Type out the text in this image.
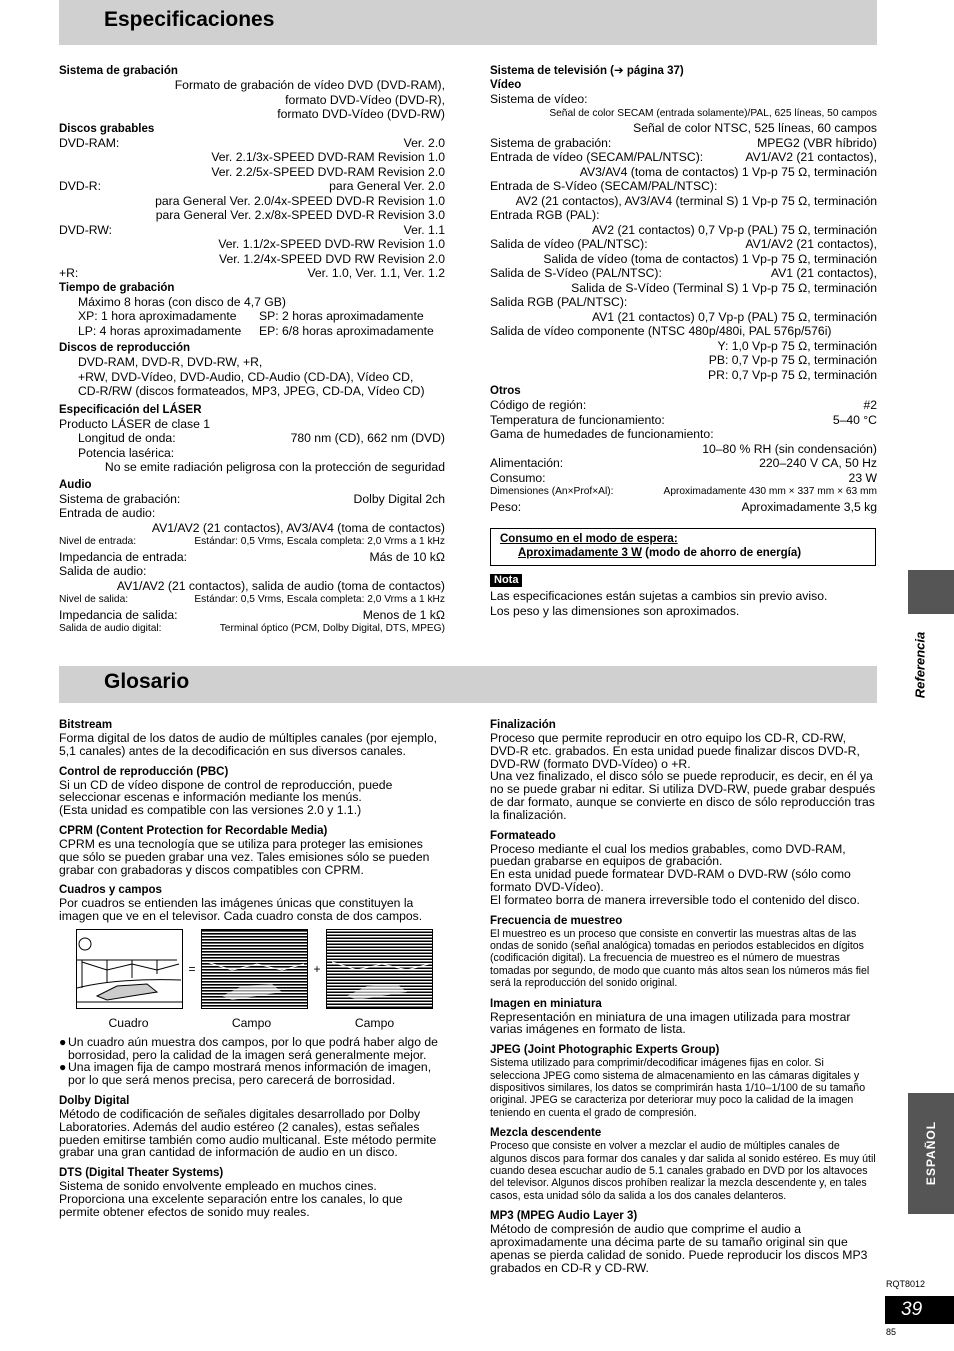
Especificaciones
Sistema de grabación
Formato de grabación de vídeo DVD (DVD-RAM),
formato DVD-Vídeo (DVD-R),
formato DVD-Vídeo (DVD-RW)
Discos grabables
DVD-RAM:	Ver. 2.0
Ver. 2.1/3x-SPEED DVD-RAM Revision 1.0
Ver. 2.2/5x-SPEED DVD-RAM Revision 2.0
DVD-R:	para General Ver. 2.0
para General Ver. 2.0/4x-SPEED DVD-R Revision 1.0
para General Ver. 2.x/8x-SPEED DVD-R Revision 3.0
DVD-RW:	Ver. 1.1
Ver. 1.1/2x-SPEED DVD-RW Revision 1.0
Ver. 1.2/4x-SPEED DVD RW Revision 2.0
+R:	Ver. 1.0, Ver. 1.1, Ver. 1.2
Tiempo de grabación
Máximo 8 horas (con disco de 4,7 GB)
XP: 1 hora aproximadamente	SP: 2 horas aproximadamente
LP: 4 horas aproximadamente	EP: 6/8 horas aproximadamente
Discos de reproducción
DVD-RAM, DVD-R, DVD-RW, +R,
+RW, DVD-Vídeo, DVD-Audio, CD-Audio (CD-DA), Vídeo CD,
CD-R/RW (discos formateados, MP3, JPEG, CD-DA, Vídeo CD)
Especificación del LÁSER
Producto LÁSER de clase 1
Longitud de onda:	780 nm (CD), 662 nm (DVD)
Potencia lasérica:
No se emite radiación peligrosa con la protección de seguridad
Audio
Sistema de grabación:	Dolby Digital 2ch
Entrada de audio:
AV1/AV2 (21 contactos), AV3/AV4 (toma de contactos)
Nivel de entrada:	Estándar: 0,5 Vrms, Escala completa: 2,0 Vrms a 1 kHz
Impedancia de entrada:	Más de 10 kΩ
Salida de audio:
AV1/AV2 (21 contactos), salida de audio (toma de contactos)
Nivel de salida:	Estándar: 0,5 Vrms, Escala completa: 2,0 Vrms a 1 kHz
Impedancia de salida:	Menos de 1 kΩ
Salida de audio digital:	Terminal óptico (PCM, Dolby Digital, DTS, MPEG)
Sistema de televisión (➔ página 37)
Vídeo
Sistema de vídeo:
Señal de color SECAM (entrada solamente)/PAL, 625 líneas, 50 campos
Señal de color NTSC, 525 líneas, 60 campos
Sistema de grabación:	MPEG2 (VBR híbrido)
Entrada de vídeo (SECAM/PAL/NTSC):	AV1/AV2 (21 contactos),
AV3/AV4 (toma de contactos) 1 Vp-p 75 Ω, terminación
Entrada de S-Vídeo (SECAM/PAL/NTSC):
AV2 (21 contactos), AV3/AV4 (terminal S) 1 Vp-p 75 Ω, terminación
Entrada RGB (PAL):
AV2 (21 contactos) 0,7 Vp-p (PAL) 75 Ω, terminación
Salida de vídeo (PAL/NTSC):	AV1/AV2 (21 contactos),
Salida de vídeo (toma de contactos) 1 Vp-p 75 Ω, terminación
Salida de S-Vídeo (PAL/NTSC):	AV1 (21 contactos),
Salida de S-Vídeo (Terminal S) 1 Vp-p 75 Ω, terminación
Salida RGB (PAL/NTSC):
AV1 (21 contactos) 0,7 Vp-p (PAL) 75 Ω, terminación
Salida de vídeo componente (NTSC 480p/480i, PAL 576p/576i)
Y: 1,0 Vp-p 75 Ω, terminación
PB: 0,7 Vp-p 75 Ω, terminación
PR: 0,7 Vp-p 75 Ω, terminación
Otros
Código de región:	#2
Temperatura de funcionamiento:	5–40 °C
Gama de humedades de funcionamiento:
10–80 % RH (sin condensación)
Alimentación:	220–240 V CA, 50 Hz
Consumo:	23 W
Dimensiones (An×Prof×Al):	Aproximadamente 430 mm × 337 mm × 63 mm
Peso:	Aproximadamente 3,5 kg
Consumo en el modo de espera:
Aproximadamente 3 W (modo de ahorro de energía)
Nota
Las especificaciones están sujetas a cambios sin previo aviso.
Los peso y las dimensiones son aproximados.
Glosario
Bitstream

Forma digital de los datos de audio de múltiples canales (por ejemplo, 5,1 canales) antes de la decodificación en sus diversos canales.

Control de reproducción (PBC)

Si un CD de vídeo dispone de control de reproducción, puede seleccionar escenas e información mediante los menús.

(Esta unidad es compatible con las versiones 2.0 y 1.1.)

CPRM (Content Protection for Recordable Media)

CPRM es una tecnología que se utiliza para proteger las emisiones que sólo se pueden grabar una vez. Tales emisiones sólo se pueden grabar con grabadoras y discos compatibles con CPRM.

Cuadros y campos

Por cuadros se entienden las imágenes únicas que constituyen la imagen que ve en el televisor. Cada cuadro consta de dos campos.

=	+
Cuadro	Campo	Campo
● Un cuadro aún muestra dos campos, por lo que podrá haber algo de borrosidad, pero la calidad de la imagen será generalmente mejor.
● Una imagen fija de campo mostrará menos información de imagen, por lo que será menos precisa, pero carecerá de borrosidad.
Dolby Digital

Método de codificación de señales digitales desarrollado por Dolby Laboratories. Además del audio estéreo (2 canales), estas señales pueden emitirse también como audio multicanal. Este método permite grabar una gran cantidad de información de audio en un disco.

DTS (Digital Theater Systems)

Sistema de sonido envolvente empleado en muchos cines. Proporciona una excelente separación entre los canales, lo que permite obtener efectos de sonido muy reales.

Finalización

Proceso que permite reproducir en otro equipo los CD-R, CD-RW, DVD-R etc. grabados. En esta unidad puede finalizar discos DVD-R, DVD-RW (formato DVD-Vídeo) o +R.

Una vez finalizado, el disco sólo se puede reproducir, es decir, en él ya no se puede grabar ni editar. Si utiliza DVD-RW, puede grabar después de dar formato, aunque se convierte en disco de sólo reproducción tras la finalización.

Formateado

Proceso mediante el cual los medios grabables, como DVD-RAM, puedan grabarse en equipos de grabación.

En esta unidad puede formatear DVD-RAM o DVD-RW (sólo como formato DVD-Vídeo).

El formateo borra de manera irreversible todo el contenido del disco.

Frecuencia de muestreo

El muestreo es un proceso que consiste en convertir las muestras altas de las ondas de sonido (señal analógica) tomadas en periodos establecidos en dígitos (codificación digital). La frecuencia de muestreo es el número de muestras tomadas por segundo, de modo que cuanto más altos sean los números más fiel será la reproducción del sonido original.

Imagen en miniatura

Representación en miniatura de una imagen utilizada para mostrar varias imágenes en formato de lista.

JPEG (Joint Photographic Experts Group)

Sistema utilizado para comprimir/decodificar imágenes fijas en color. Si selecciona JPEG como sistema de almacenamiento en las cámaras digitales y dispositivos similares, los datos se comprimirán hasta 1/10–1/100 de su tamaño original. JPEG se caracteriza por deteriorar muy poco la calidad de la imagen teniendo en cuenta el grado de compresión.

Mezcla descendente

Proceso que consiste en volver a mezclar el audio de múltiples canales de algunos discos para formar dos canales y dar salida al sonido estéreo. Es muy útil cuando desea escuchar audio de 5.1 canales grabado en DVD por los altavoces del televisor. Algunos discos prohíben realizar la mezcla descendente y, en tales casos, esta unidad sólo da salida a los dos canales delanteros.

MP3 (MPEG Audio Layer 3)

Método de compresión de audio que comprime el audio a aproximadamente una décima parte de su tamaño original sin que apenas se pierda calidad de sonido. Puede reproducir los discos MP3 grabados en CD-R y CD-RW.

Referencia
ESPAÑOL
RQT8012
39
85
